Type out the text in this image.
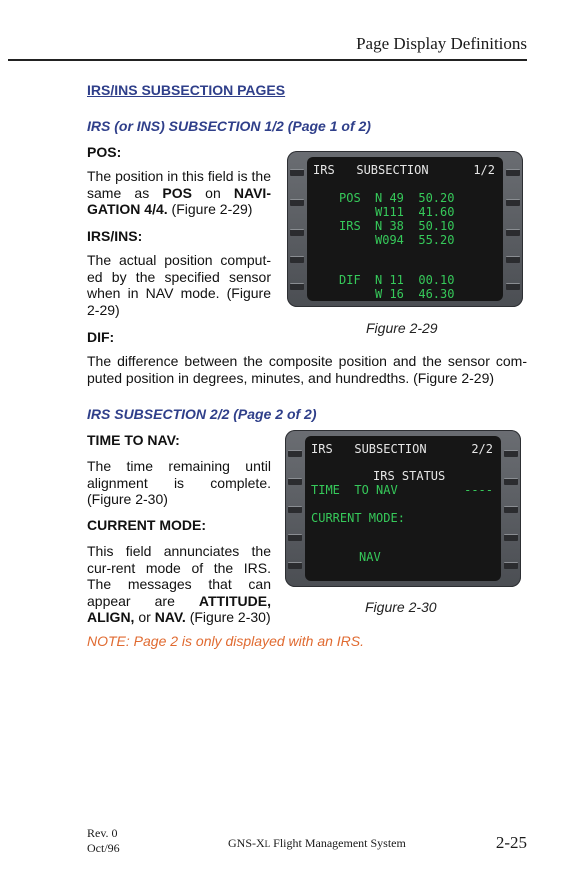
Page Display Definitions
IRS/INS SUBSECTION PAGES
IRS (or INS) SUBSECTION 1/2 (Page 1 of 2)
POS:
The position in this field is the same as POS on NAVI-GATION 4/4. (Figure 2-29)
IRS/INS:
The actual position comput-ed by the specified sensor when in NAV mode. (Figure 2-29)
DIF:
The difference between the composite position and the sensor com-puted position in degrees, minutes, and hundredths. (Figure 2-29)
IRS   SUBSECTION	1/2
POS N 49  50.20
W111  41.60
IRS N 38  50.10
W094  55.20
DIF N 11  00.10
W 16  46.30
Figure 2-29
IRS SUBSECTION 2/2 (Page 2 of 2)
TIME TO NAV:
The time remaining until alignment is complete. (Figure 2-30)
CURRENT MODE:
This field annunciates the cur-rent mode of the IRS. The messages that can appear are ATTITUDE, ALIGN, or NAV. (Figure 2-30)
IRS   SUBSECTION	2/2
IRS STATUS
TIME  TO NAV	----
CURRENT MODE:
NAV
Figure 2-30
NOTE: Page 2 is only displayed with an IRS.
Rev. 0
Oct/96	GNS-XL Flight Management System	2-25
